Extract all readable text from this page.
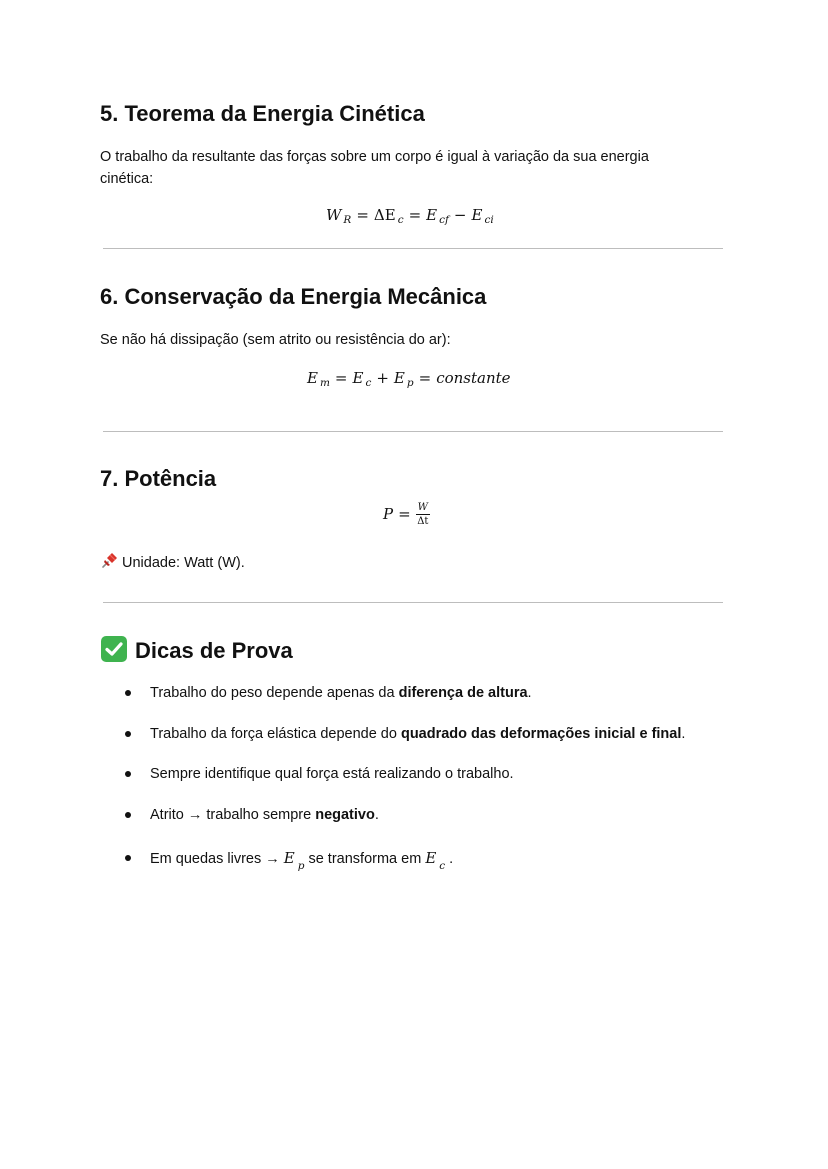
5. Teorema da Energia Cinética

O trabalho da resultante das forças sobre um corpo é igual à variação da sua energia cinética:

W $_R$ = ΔE $_c$ = E $_{cf}$ − E $_{ci}$
6. Conservação da Energia Mecânica

Se não há dissipação (sem atrito ou resistência do ar):

E $_m$ = E $_c$ + E $_p$ = constante
7. Potência
$P = \frac{W}{\Delta t}$

Unidade: Watt (W).

Dicas de Prova
Trabalho do peso depende apenas da diferença de altura.
Trabalho da força elástica depende do quadrado das deformações inicial e final.
Sempre identifique qual força está realizando o trabalho.
Atrito → trabalho sempre negativo.
Em quedas livres → E $_p$ se transforma em E $_c$ .
